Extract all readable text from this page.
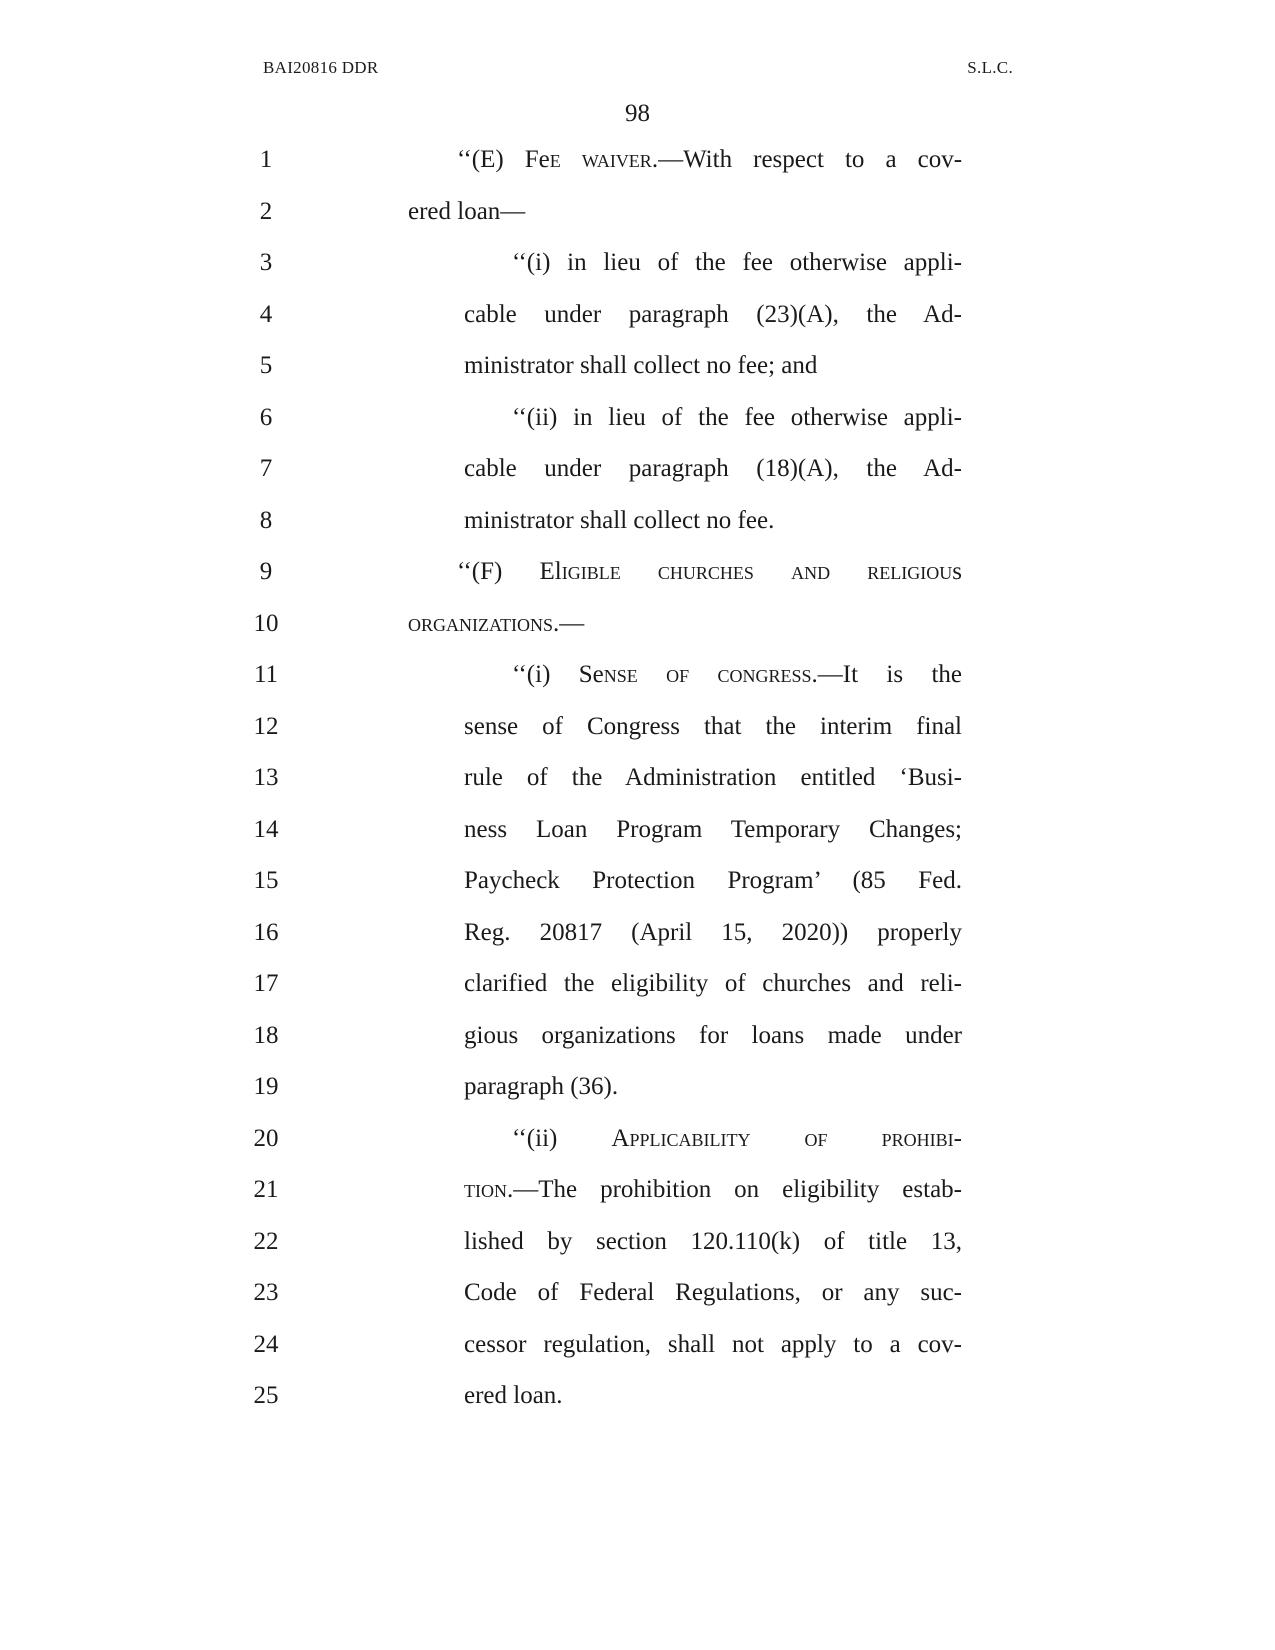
BAI20816 DDR	S.L.C.
98
1	‘‘(E) Fee waiver.—With respect to a cov-
2	ered loan—
3	‘‘(i) in lieu of the fee otherwise appli-
4	cable under paragraph (23)(A), the Ad-
5	ministrator shall collect no fee; and
6	‘‘(ii) in lieu of the fee otherwise appli-
7	cable under paragraph (18)(A), the Ad-
8	ministrator shall collect no fee.
9	‘‘(F) Eligible churches and religious
10	organizations.—
11	‘‘(i) Sense of congress.—It is the
12	sense of Congress that the interim final
13	rule of the Administration entitled ‘Busi-
14	ness Loan Program Temporary Changes;
15	Paycheck Protection Program’ (85 Fed.
16	Reg. 20817 (April 15, 2020)) properly
17	clarified the eligibility of churches and reli-
18	gious organizations for loans made under
19	paragraph (36).
20	‘‘(ii) Applicability of prohibi-
21	tion.—The prohibition on eligibility estab-
22	lished by section 120.110(k) of title 13,
23	Code of Federal Regulations, or any suc-
24	cessor regulation, shall not apply to a cov-
25	ered loan.
